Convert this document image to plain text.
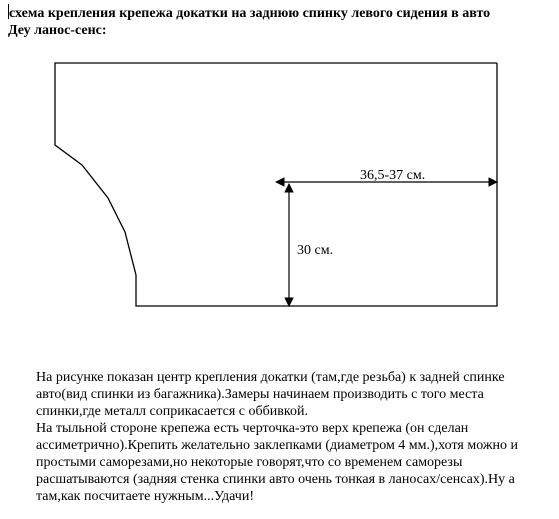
схема крепления крепежа докатки на заднюю спинку левого сидения в авто
Деу ланос-сенс:
36,5-37 см.
30 см.

На рисунке показан центр крепления докатки (там,где резьба) к задней спинке авто(вид спинки из багажника).Замеры начинаем производить с того места спинки,где металл соприкасается с оббивкой.

На тыльной стороне крепежа есть черточка-это верх крепежа (он сделан ассиметрично).Крепить желательно заклепками (диаметром 4 мм.),хотя можно и простыми саморезами,но некоторые говорят,что со временем саморезы расшатываются (задняя стенка спинки авто очень тонкая в ланосах/сенсах).Ну а там,как посчитаете нужным...Удачи!
